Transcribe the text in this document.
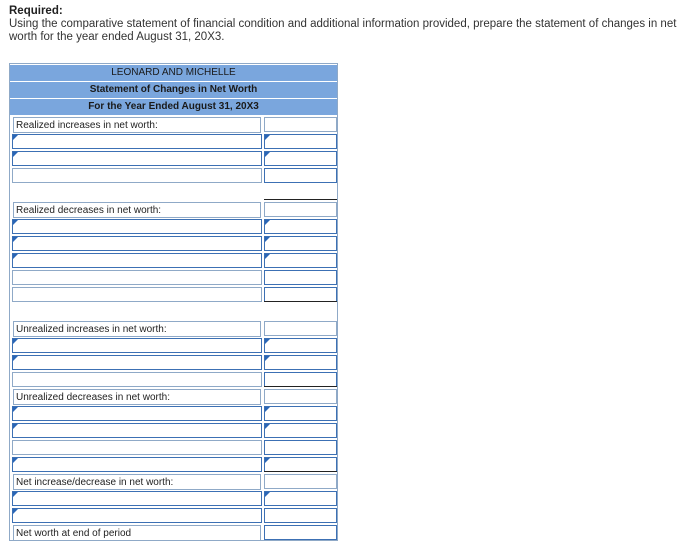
Required:
Using the comparative statement of financial condition and additional information provided, prepare the statement of changes in net worth for the year ended August 31, 20X3.
LEONARD AND MICHELLE
Statement of Changes in Net Worth
For the Year Ended August 31, 20X3
Realized increases in net worth:
Realized decreases in net worth:
Unrealized increases in net worth:
Unrealized decreases in net worth:
Net increase/decrease in net worth:
Net worth at end of period
